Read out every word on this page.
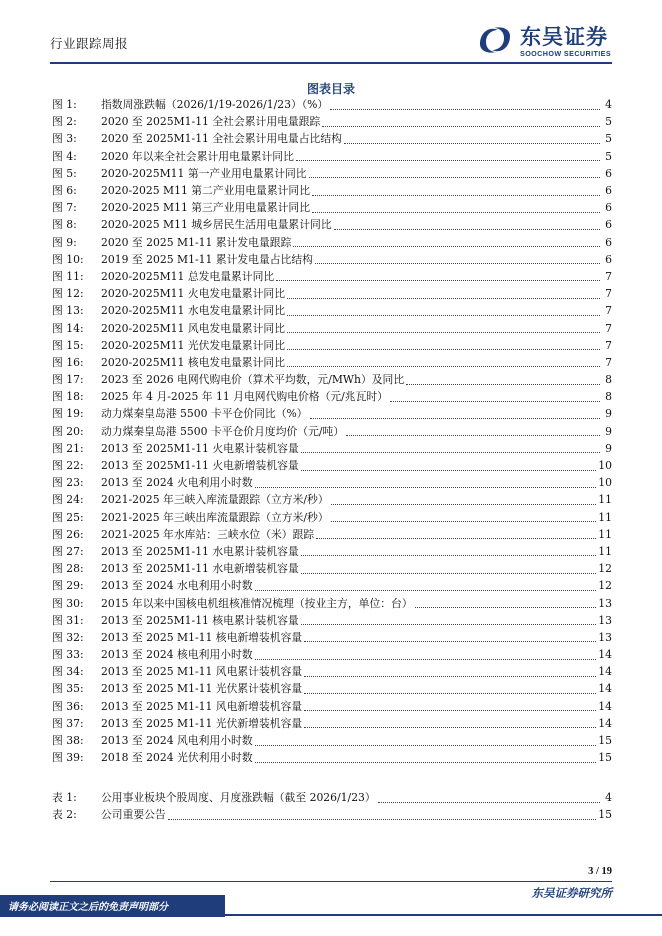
行业跟踪周报	东吴证券
SOOCHOW SECURITIES
图表目录
图 1:	指数周涨跌幅（2026/1/19-2026/1/23）（%）	4
图 2:	2020 至 2025M1-11 全社会累计用电量跟踪	5
图 3:	2020 至 2025M1-11 全社会累计用电量占比结构	5
图 4:	2020 年以来全社会累计用电量累计同比	5
图 5:	2020-2025M11 第一产业用电量累计同比	6
图 6:	2020-2025 M11 第二产业用电量累计同比	6
图 7:	2020-2025 M11 第三产业用电量累计同比	6
图 8:	2020-2025 M11 城乡居民生活用电量累计同比	6
图 9:	2020 至 2025 M1-11 累计发电量跟踪	6
图 10:	2019 至 2025 M1-11 累计发电量占比结构	6
图 11:	2020-2025M11 总发电量累计同比	7
图 12:	2020-2025M11 火电发电量累计同比	7
图 13:	2020-2025M11 水电发电量累计同比	7
图 14:	2020-2025M11 风电发电量累计同比	7
图 15:	2020-2025M11 光伏发电量累计同比	7
图 16:	2020-2025M11 核电发电量累计同比	7
图 17:	2023 至 2026 电网代购电价（算术平均数，元/MWh）及同比	8
图 18:	2025 年 4 月-2025 年 11 月电网代购电价格（元/兆瓦时）	8
图 19:	动力煤秦皇岛港 5500 卡平仓价同比（%）	9
图 20:	动力煤秦皇岛港 5500 卡平仓价月度均价（元/吨）	9
图 21:	2013 至 2025M1-11 火电累计装机容量	9
图 22:	2013 至 2025M1-11 火电新增装机容量	10
图 23:	2013 至 2024 火电利用小时数	10
图 24:	2021-2025 年三峡入库流量跟踪（立方米/秒）	11
图 25:	2021-2025 年三峡出库流量跟踪（立方米/秒）	11
图 26:	2021-2025 年水库站：三峡水位（米）跟踪	11
图 27:	2013 至 2025M1-11 水电累计装机容量	11
图 28:	2013 至 2025M1-11 水电新增装机容量	12
图 29:	2013 至 2024 水电利用小时数	12
图 30:	2015 年以来中国核电机组核准情况梳理（按业主方，单位：台）	13
图 31:	2013 至 2025M1-11 核电累计装机容量	13
图 32:	2013 至 2025 M1-11 核电新增装机容量	13
图 33:	2013 至 2024 核电利用小时数	14
图 34:	2013 至 2025 M1-11 风电累计装机容量	14
图 35:	2013 至 2025 M1-11 光伏累计装机容量	14
图 36:	2013 至 2025 M1-11 风电新增装机容量	14
图 37:	2013 至 2025 M1-11 光伏新增装机容量	14
图 38:	2013 至 2024 风电利用小时数	15
图 39:	2018 至 2024 光伏利用小时数	15
表 1:	公用事业板块个股周度、月度涨跌幅（截至 2026/1/23）	4
表 2:	公司重要公告	15
3 / 19
东吴证券研究所
请务必阅读正文之后的免责声明部分
